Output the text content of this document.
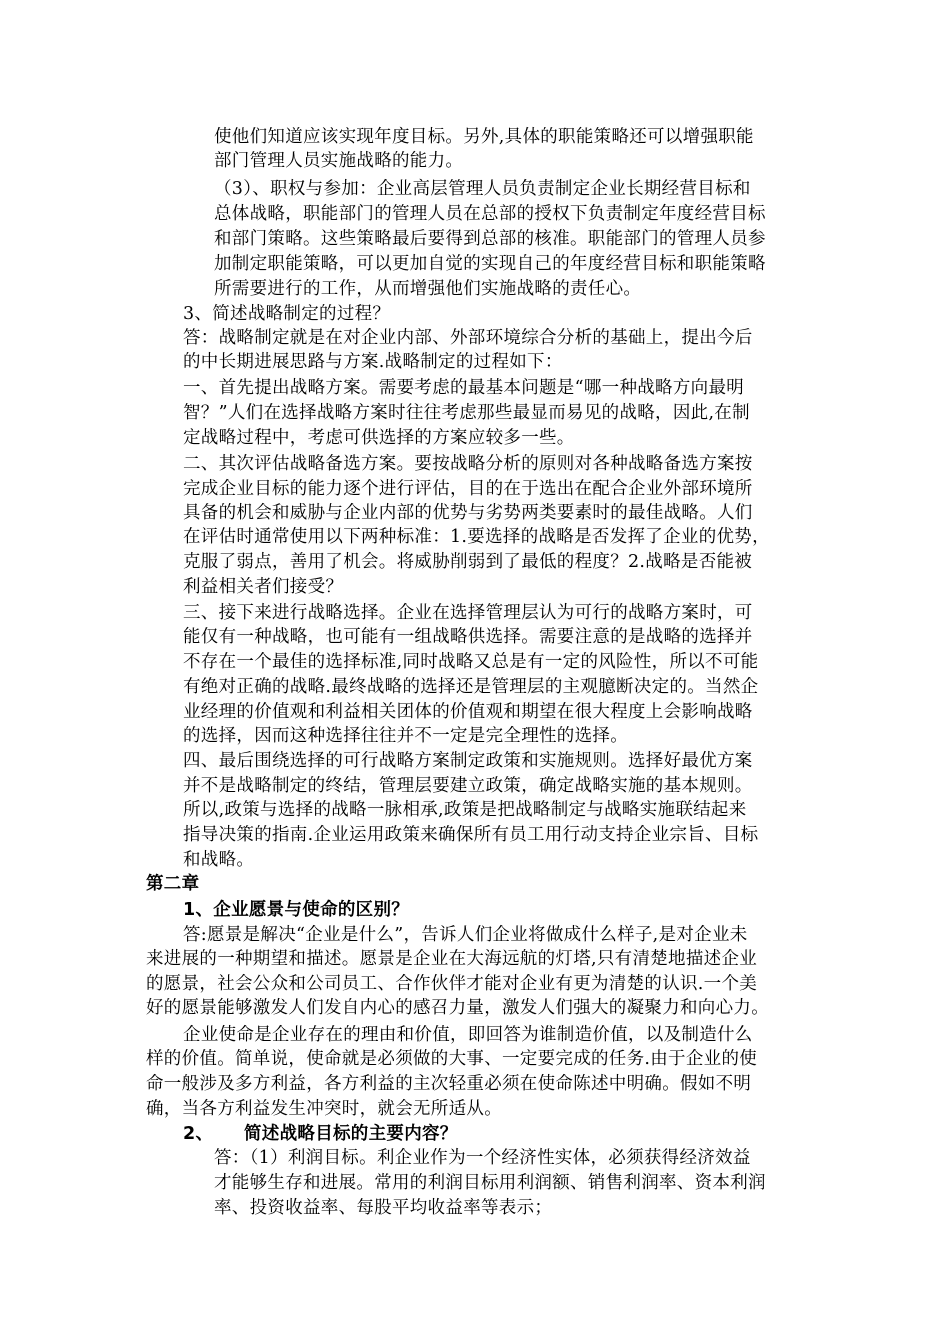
使他们知道应该实现年度目标。另外,具体的职能策略还可以增强职能
部门管理人员实施战略的能力。
（3）、职权与参加：企业高层管理人员负责制定企业长期经营目标和
总体战略，职能部门的管理人员在总部的授权下负责制定年度经营目标
和部门策略。这些策略最后要得到总部的核准。职能部门的管理人员参
加制定职能策略，可以更加自觉的实现自己的年度经营目标和职能策略
所需要进行的工作，从而增强他们实施战略的责任心。
3、简述战略制定的过程？
答：战略制定就是在对企业内部、外部环境综合分析的基础上，提出今后
的中长期进展思路与方案.战略制定的过程如下：
一、首先提出战略方案。需要考虑的最基本问题是“哪一种战略方向最明
智？”人们在选择战略方案时往往考虑那些最显而易见的战略，因此,在制
定战略过程中，考虑可供选择的方案应较多一些。
二、其次评估战略备选方案。要按战略分析的原则对各种战略备选方案按
完成企业目标的能力逐个进行评估，目的在于选出在配合企业外部环境所
具备的机会和威胁与企业内部的优势与劣势两类要素时的最佳战略。人们
在评估时通常使用以下两种标准：1.要选择的战略是否发挥了企业的优势，
克服了弱点，善用了机会。将威胁削弱到了最低的程度？2.战略是否能被
利益相关者们接受？
三、接下来进行战略选择。企业在选择管理层认为可行的战略方案时，可
能仅有一种战略，也可能有一组战略供选择。需要注意的是战略的选择并
不存在一个最佳的选择标准,同时战略又总是有一定的风险性，所以不可能
有绝对正确的战略.最终战略的选择还是管理层的主观臆断决定的。当然企
业经理的价值观和利益相关团体的价值观和期望在很大程度上会影响战略
的选择，因而这种选择往往并不一定是完全理性的选择。
四、最后围绕选择的可行战略方案制定政策和实施规则。选择好最优方案
并不是战略制定的终结，管理层要建立政策，确定战略实施的基本规则。
所以,政策与选择的战略一脉相承,政策是把战略制定与战略实施联结起来
指导决策的指南.企业运用政策来确保所有员工用行动支持企业宗旨、目标
和战略。
第二章
1、企业愿景与使命的区别？
答:愿景是解决“企业是什么”，告诉人们企业将做成什么样子,是对企业未
来进展的一种期望和描述。愿景是企业在大海远航的灯塔,只有清楚地描述企业
的愿景，社会公众和公司员工、合作伙伴才能对企业有更为清楚的认识.一个美
好的愿景能够激发人们发自内心的感召力量，激发人们强大的凝聚力和向心力。
企业使命是企业存在的理由和价值，即回答为谁制造价值，以及制造什么
样的价值。简单说，使命就是必须做的大事、一定要完成的任务.由于企业的使
命一般涉及多方利益，各方利益的主次轻重必须在使命陈述中明确。假如不明
确，当各方利益发生冲突时，就会无所适从。
2、 简述战略目标的主要内容？
答：（1）利润目标。利企业作为一个经济性实体，必须获得经济效益
才能够生存和进展。常用的利润目标用利润额、销售利润率、资本利润
率、投资收益率、每股平均收益率等表示；
